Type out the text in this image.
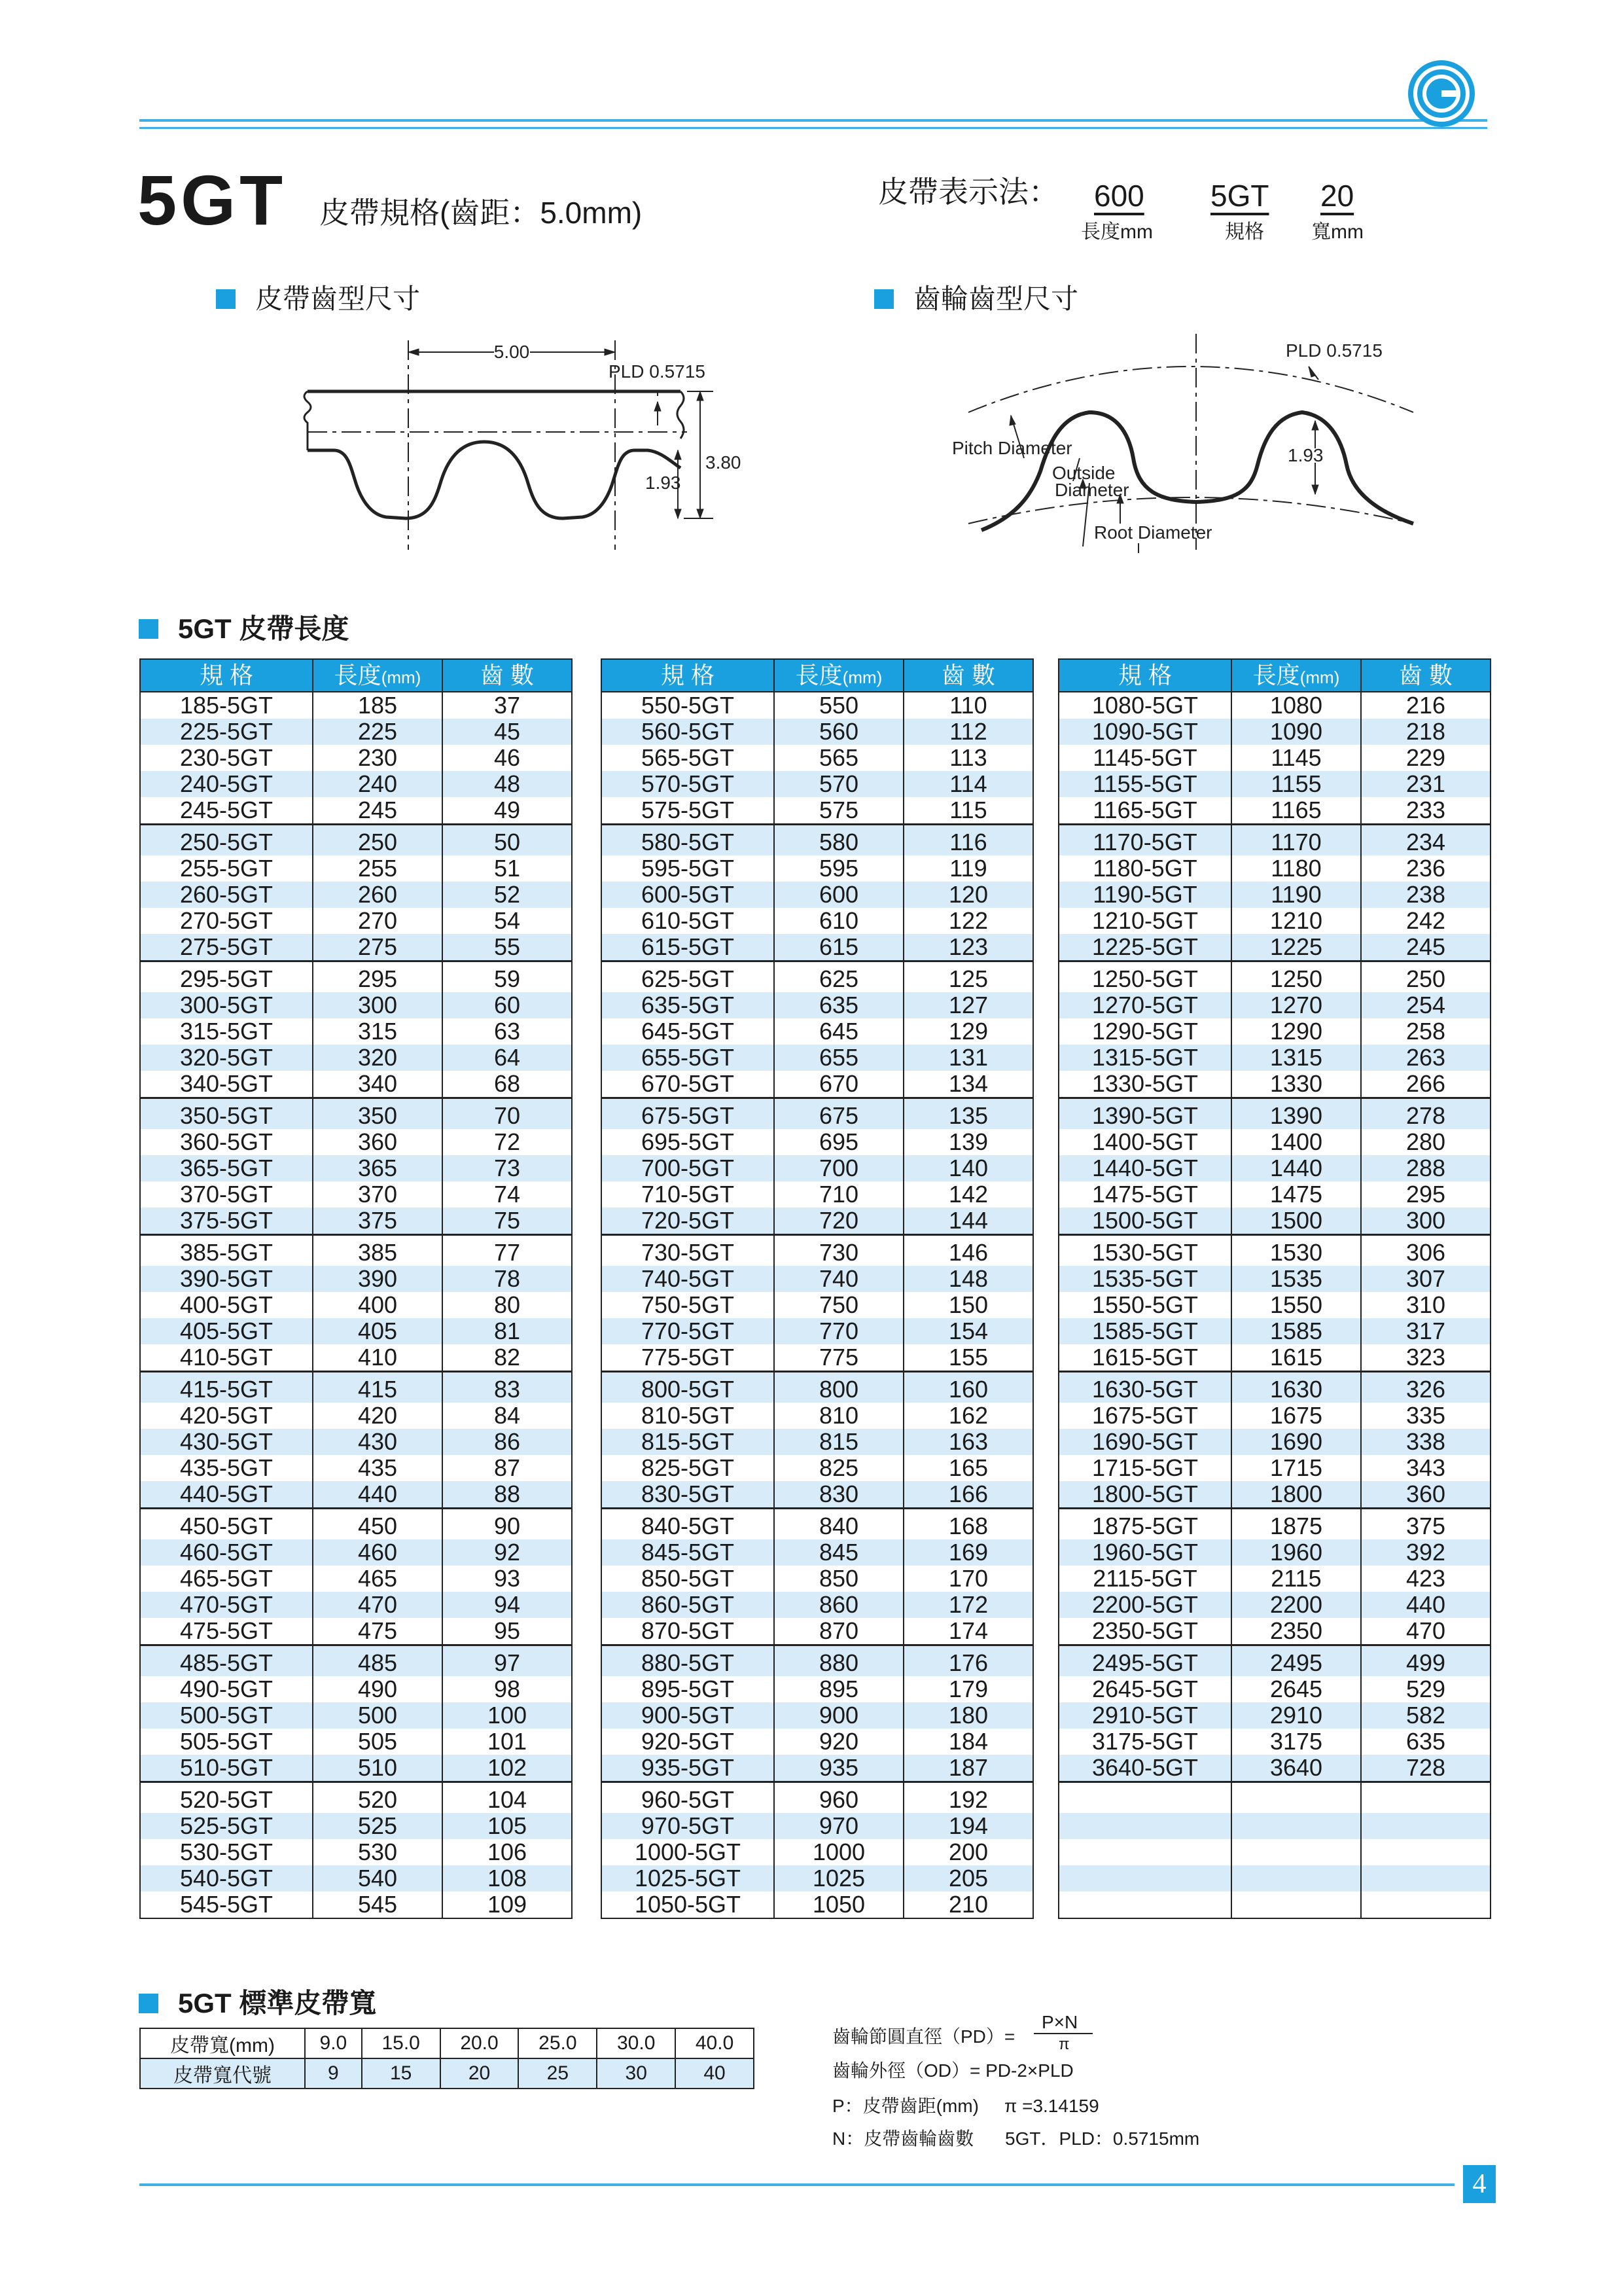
5GT 皮帶規格(齒距：5.0mm)
皮帶表示法： 600
長度mm
5GT
規格
20
寬mm
皮帶齒型尺寸	齒輪齒型尺寸
5.00
PLD 0.5715
3.80
1.93
PLD 0.5715
Pitch Diameter
Outside
Diameter
Root Diameter
1.93
5GT 皮帶長度
規 格	長度(mm)	齒 數
185-5GT	185	37
225-5GT	225	45
230-5GT	230	46
240-5GT	240	48
245-5GT	245	49
250-5GT	250	50
255-5GT	255	51
260-5GT	260	52
270-5GT	270	54
275-5GT	275	55
295-5GT	295	59
300-5GT	300	60
315-5GT	315	63
320-5GT	320	64
340-5GT	340	68
350-5GT	350	70
360-5GT	360	72
365-5GT	365	73
370-5GT	370	74
375-5GT	375	75
385-5GT	385	77
390-5GT	390	78
400-5GT	400	80
405-5GT	405	81
410-5GT	410	82
415-5GT	415	83
420-5GT	420	84
430-5GT	430	86
435-5GT	435	87
440-5GT	440	88
450-5GT	450	90
460-5GT	460	92
465-5GT	465	93
470-5GT	470	94
475-5GT	475	95
485-5GT	485	97
490-5GT	490	98
500-5GT	500	100
505-5GT	505	101
510-5GT	510	102
520-5GT	520	104
525-5GT	525	105
530-5GT	530	106
540-5GT	540	108
545-5GT	545	109
規 格	長度(mm)	齒 數
550-5GT	550	110
560-5GT	560	112
565-5GT	565	113
570-5GT	570	114
575-5GT	575	115
580-5GT	580	116
595-5GT	595	119
600-5GT	600	120
610-5GT	610	122
615-5GT	615	123
625-5GT	625	125
635-5GT	635	127
645-5GT	645	129
655-5GT	655	131
670-5GT	670	134
675-5GT	675	135
695-5GT	695	139
700-5GT	700	140
710-5GT	710	142
720-5GT	720	144
730-5GT	730	146
740-5GT	740	148
750-5GT	750	150
770-5GT	770	154
775-5GT	775	155
800-5GT	800	160
810-5GT	810	162
815-5GT	815	163
825-5GT	825	165
830-5GT	830	166
840-5GT	840	168
845-5GT	845	169
850-5GT	850	170
860-5GT	860	172
870-5GT	870	174
880-5GT	880	176
895-5GT	895	179
900-5GT	900	180
920-5GT	920	184
935-5GT	935	187
960-5GT	960	192
970-5GT	970	194
1000-5GT	1000	200
1025-5GT	1025	205
1050-5GT	1050	210
規 格	長度(mm)	齒 數
1080-5GT	1080	216
1090-5GT	1090	218
1145-5GT	1145	229
1155-5GT	1155	231
1165-5GT	1165	233
1170-5GT	1170	234
1180-5GT	1180	236
1190-5GT	1190	238
1210-5GT	1210	242
1225-5GT	1225	245
1250-5GT	1250	250
1270-5GT	1270	254
1290-5GT	1290	258
1315-5GT	1315	263
1330-5GT	1330	266
1390-5GT	1390	278
1400-5GT	1400	280
1440-5GT	1440	288
1475-5GT	1475	295
1500-5GT	1500	300
1530-5GT	1530	306
1535-5GT	1535	307
1550-5GT	1550	310
1585-5GT	1585	317
1615-5GT	1615	323
1630-5GT	1630	326
1675-5GT	1675	335
1690-5GT	1690	338
1715-5GT	1715	343
1800-5GT	1800	360
1875-5GT	1875	375
1960-5GT	1960	392
2115-5GT	2115	423
2200-5GT	2200	440
2350-5GT	2350	470
2495-5GT	2495	499
2645-5GT	2645	529
2910-5GT	2910	582
3175-5GT	3175	635
3640-5GT	3640	728

5GT 標準皮帶寬
皮帶寬(mm)	9.0	15.0	20.0	25.0	30.0	40.0
皮帶寬代號	9	15	20	25	30	40
齒輪節圓直徑（PD）=
P×N
π
齒輪外徑（OD）= PD-2×PLD
P：皮帶齒距(mm) π =3.14159
N：皮帶齒輪齒數 5GT．PLD：0.5715mm
4
